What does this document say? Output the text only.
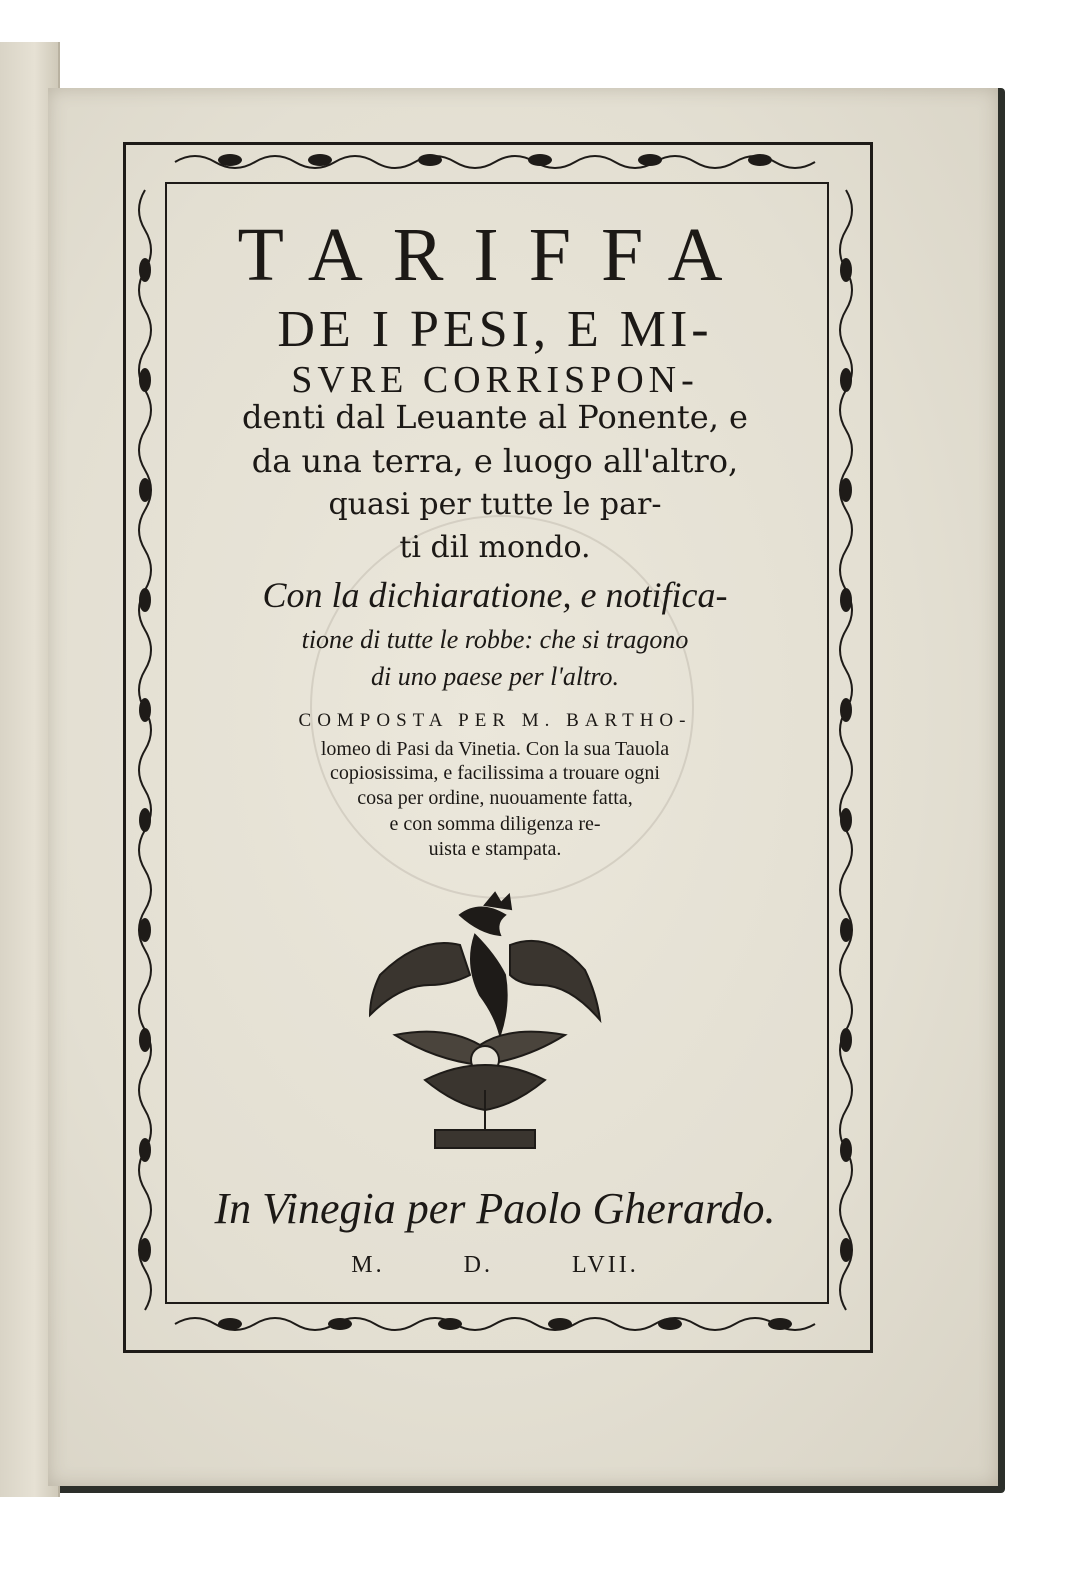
TARIFFA
DE I PESI, E MI-
SVRE CORRISPON-
denti dal Leuante al Ponente, e
da una terra, e luogo all'altro,
quasi per tutte le par-
ti dil mondo.
Con la dichiaratione, e notifica-
tione di tutte le robbe: che si tragono
di uno paese per l'altro.
COMPOSTA PER M. BARTHO-
lomeo di Pasi da Vinetia. Con la sua Tauola
copiosissima, e facilissima a trouare ogni
cosa per ordine, nuouamente fatta,
e con somma diligenza re-
uista e stampata.
In Vinegia per Paolo Gherardo.
M. D. LVII.
